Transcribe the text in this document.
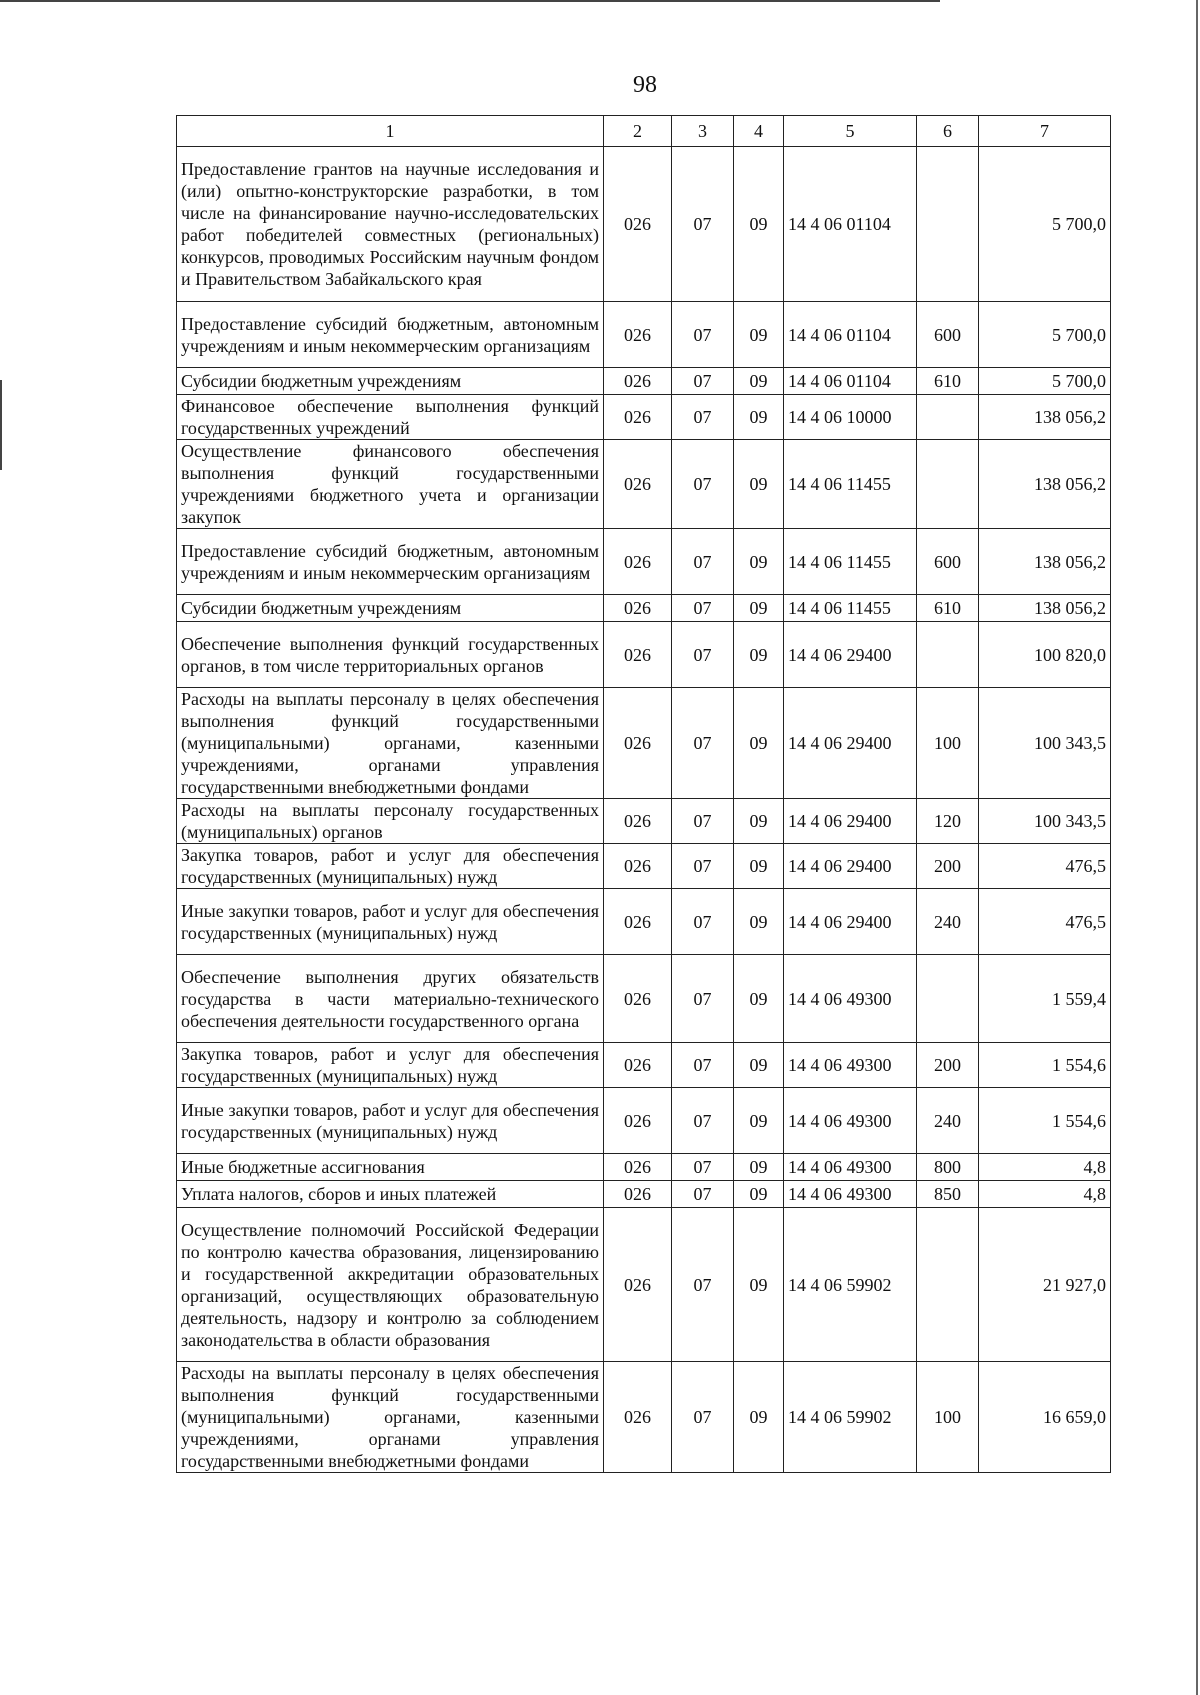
98
1	2	3	4	5	6	7
Предоставление грантов на научные исследования и (или) опытно-конструкторские разработки, в том числе на финансирование научно-исследовательских работ победителей совместных (региональных) конкурсов, проводимых Российским научным фондом и Правительством Забайкальского края	026	07	09	14 4 06 01104		5 700,0
Предоставление субсидий бюджетным, автономным учреждениям и иным некоммерческим организациям	026	07	09	14 4 06 01104	600	5 700,0
Субсидии бюджетным учреждениям	026	07	09	14 4 06 01104	610	5 700,0
Финансовое обеспечение выполнения функций государственных учреждений	026	07	09	14 4 06 10000		138 056,2
Осуществление финансового обеспечения выполнения функций государственными учреждениями бюджетного учета и организации закупок	026	07	09	14 4 06 11455		138 056,2
Предоставление субсидий бюджетным, автономным учреждениям и иным некоммерческим организациям	026	07	09	14 4 06 11455	600	138 056,2
Субсидии бюджетным учреждениям	026	07	09	14 4 06 11455	610	138 056,2
Обеспечение выполнения функций государственных органов, в том числе территориальных органов	026	07	09	14 4 06 29400		100 820,0
Расходы на выплаты персоналу в целях обеспечения выполнения функций государственными (муниципальными) органами, казенными учреждениями, органами управления государственными внебюджетными фондами	026	07	09	14 4 06 29400	100	100 343,5
Расходы на выплаты персоналу государственных (муниципальных) органов	026	07	09	14 4 06 29400	120	100 343,5
Закупка товаров, работ и услуг для обеспечения государственных (муниципальных) нужд	026	07	09	14 4 06 29400	200	476,5
Иные закупки товаров, работ и услуг для обеспечения государственных (муниципальных) нужд	026	07	09	14 4 06 29400	240	476,5
Обеспечение выполнения других обязательств государства в части материально-технического обеспечения деятельности государственного органа	026	07	09	14 4 06 49300		1 559,4
Закупка товаров, работ и услуг для обеспечения государственных (муниципальных) нужд	026	07	09	14 4 06 49300	200	1 554,6
Иные закупки товаров, работ и услуг для обеспечения государственных (муниципальных) нужд	026	07	09	14 4 06 49300	240	1 554,6
Иные бюджетные ассигнования	026	07	09	14 4 06 49300	800	4,8
Уплата налогов, сборов и иных платежей	026	07	09	14 4 06 49300	850	4,8
Осуществление полномочий Российской Федерации по контролю качества образования, лицензированию и государственной аккредитации образовательных организаций, осуществляющих образовательную деятельность, надзору и контролю за соблюдением законодательства в области образования	026	07	09	14 4 06 59902		21 927,0
Расходы на выплаты персоналу в целях обеспечения выполнения функций государственными (муниципальными) органами, казенными учреждениями, органами управления государственными внебюджетными фондами	026	07	09	14 4 06 59902	100	16 659,0
